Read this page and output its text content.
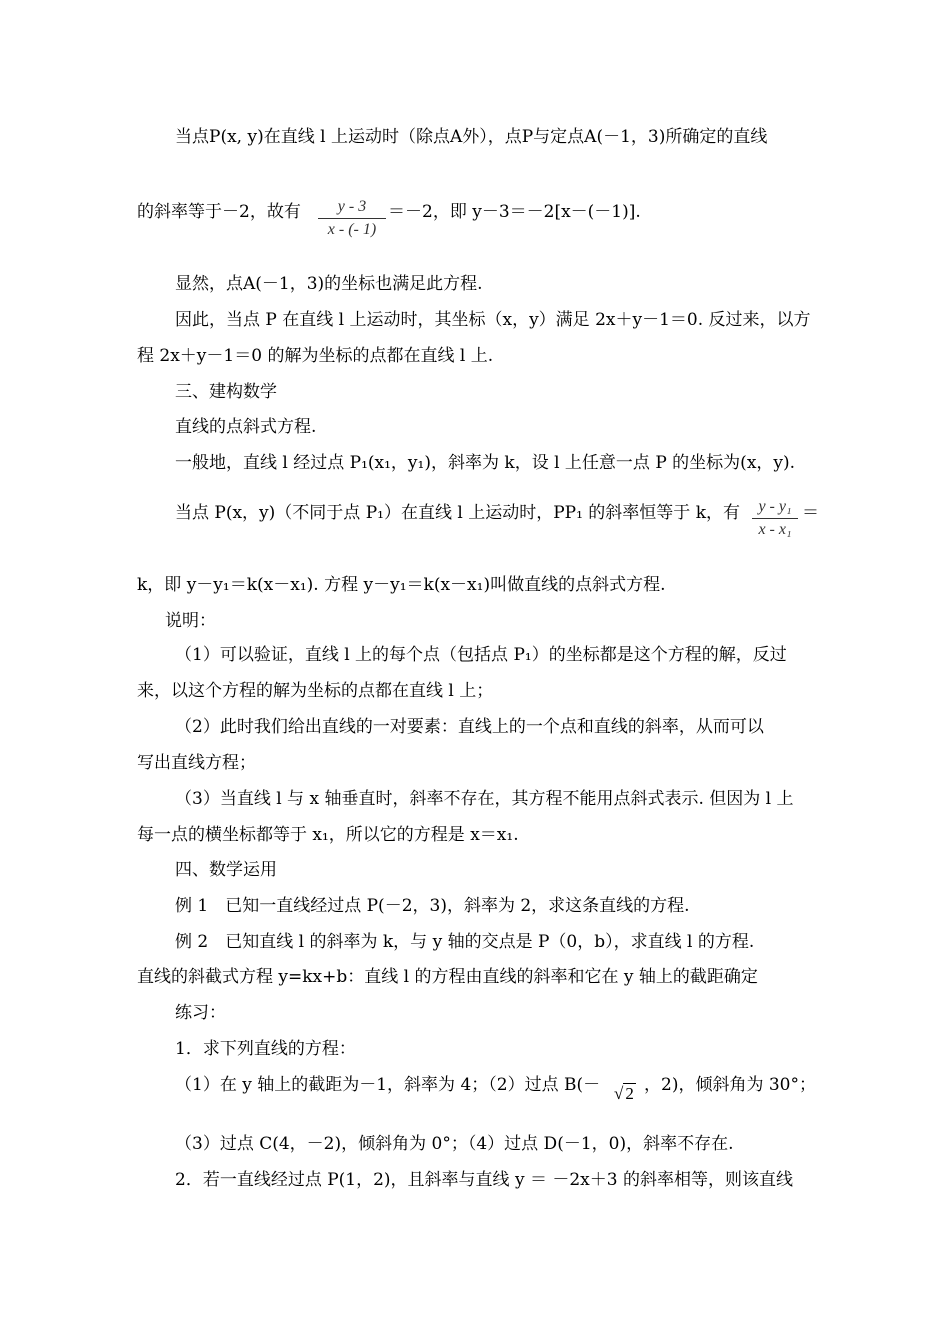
当点P(x, y)在直线 l 上运动时（除点A外），点P与定点A(－1，3)所确定的直线
的斜率等于－2，故有	y - 3
x - (- 1)
＝－2，即 y－3＝－2[x－(－1)].
显然，点A(－1，3)的坐标也满足此方程.
因此，当点 P 在直线 l 上运动时，其坐标（x，y）满足 2x＋y－1＝0. 反过来，以方
程 2x＋y－1＝0 的解为坐标的点都在直线 l 上.
三、建构数学
直线的点斜式方程.
一般地，直线 l 经过点 P₁(x₁，y₁)，斜率为 k，设 l 上任意一点 P 的坐标为(x，y).
当点 P(x，y)（不同于点 P₁）在直线 l 上运动时，PP₁ 的斜率恒等于 k，有	y - y₁
x - x₁
＝
k，即 y－y₁＝k(x－x₁). 方程 y－y₁＝k(x－x₁)叫做直线的点斜式方程.
说明：
（1）可以验证，直线 l 上的每个点（包括点 P₁）的坐标都是这个方程的解，反过
来，以这个方程的解为坐标的点都在直线 l 上；
（2）此时我们给出直线的一对要素：直线上的一个点和直线的斜率，从而可以
写出直线方程；
（3）当直线 l 与 x 轴垂直时，斜率不存在，其方程不能用点斜式表示. 但因为 l 上
每一点的横坐标都等于 x₁，所以它的方程是 x＝x₁.
四、数学运用
例 1　已知一直线经过点 P(－2，3)，斜率为 2，求这条直线的方程.
例 2　已知直线 l 的斜率为 k，与 y 轴的交点是 P（0，b），求直线 l 的方程.
直线的斜截式方程 y=kx+b：直线 l 的方程由直线的斜率和它在 y 轴上的截距确定
练习：
1．求下列直线的方程：
（1）在 y 轴上的截距为－1，斜率为 4；（2）过点 B(－ √ 2 ，2)，倾斜角为 30°；
（3）过点 C(4，－2)，倾斜角为 0°；（4）过点 D(－1，0)，斜率不存在.
2．若一直线经过点 P(1，2)，且斜率与直线 y ＝ －2x＋3 的斜率相等，则该直线
